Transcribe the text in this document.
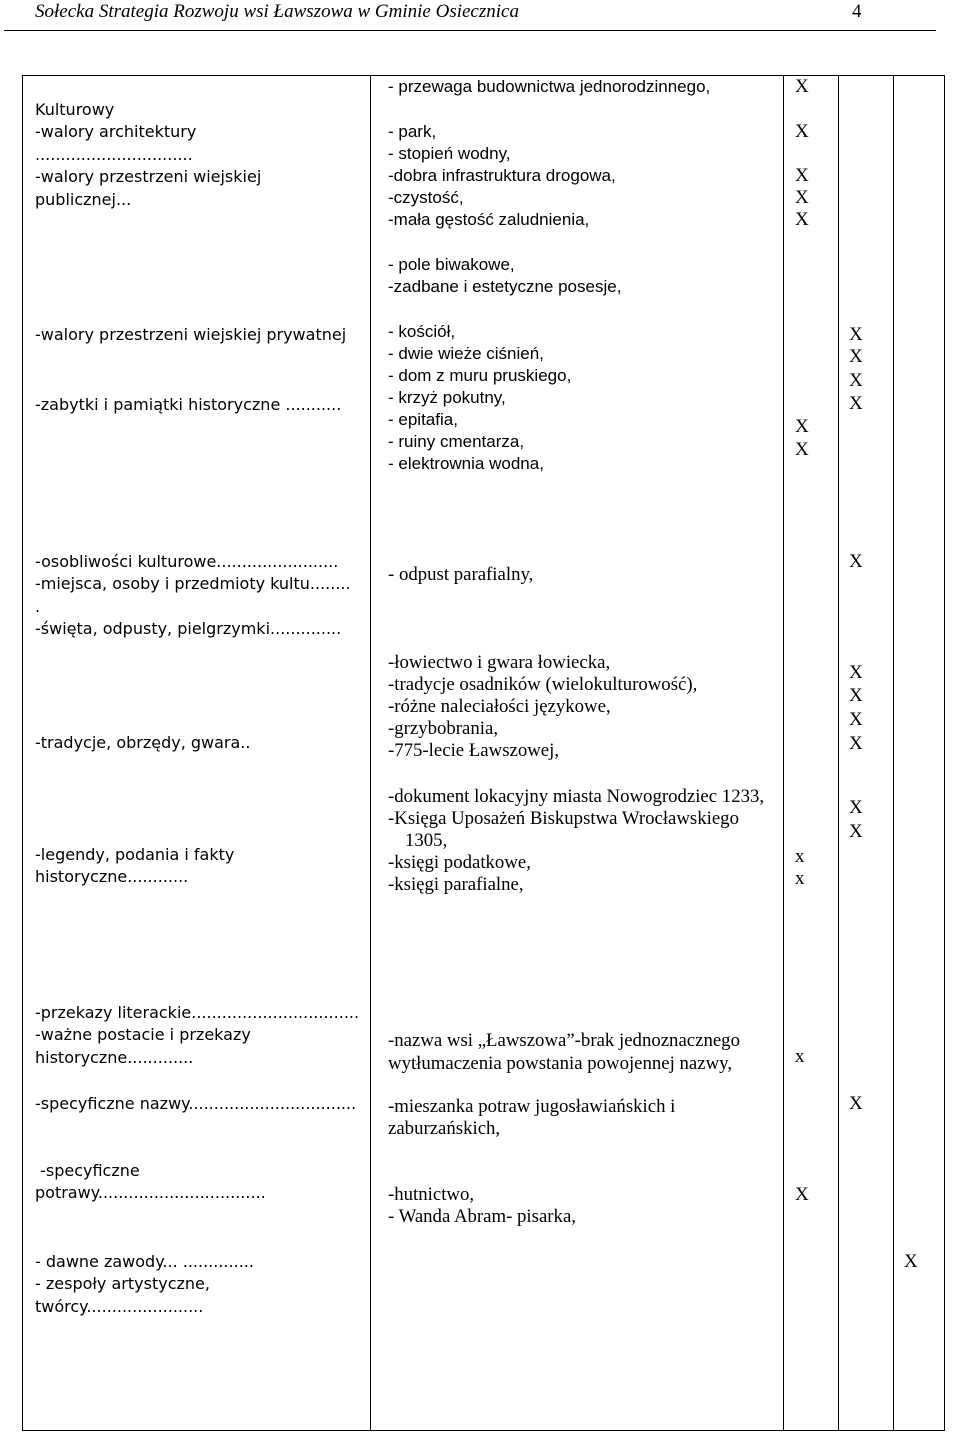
Sołecka Strategia Rozwoju wsi Ławszowa w Gminie Osiecznica	4
Kulturowy
-walory architektury
...............................
-walory przestrzeni wiejskiej
publicznej...
-walory przestrzeni wiejskiej prywatnej
-zabytki i pamiątki historyczne ...........
-osobliwości kulturowe........................
-miejsca, osoby i przedmioty kultu........
.
-święta, odpusty, pielgrzymki..............
-tradycje, obrzędy, gwara..
-legendy, podania i fakty
historyczne............
-przekazy literackie.................................
-ważne postacie i przekazy
historyczne.............
-specyficzne nazwy.................................
-specyficzne
potrawy.................................
- dawne zawody... ..............
- zespoły artystyczne,
twórcy.......................
- przewaga budownictwa jednorodzinnego,
- park,
- stopień wodny,
-dobra infrastruktura drogowa,
-czystość,
-mała gęstość zaludnienia,
- pole biwakowe,
-zadbane i estetyczne posesje,
- kościół,
- dwie wieże ciśnień,
- dom z muru pruskiego,
- krzyż pokutny,
- epitafia,
- ruiny cmentarza,
- elektrownia wodna,
- odpust parafialny,
-łowiectwo i gwara łowiecka,
-tradycje osadników (wielokulturowość),
-różne naleciałości językowe,
-grzybobrania,
-775-lecie Ławszowej,
-dokument lokacyjny miasta Nowogrodziec 1233,
-Księga Uposażeń Biskupstwa Wrocławskiego
1305,
-księgi podatkowe,
-księgi parafialne,
-nazwa wsi „Ławszowa”-brak jednoznacznego
wytłumaczenia powstania powojennej nazwy,
-mieszanka potraw jugosławiańskich i
zaburzańskich,
-hutnictwo,
- Wanda Abram- pisarka,
X
X
X
X
X
X
X
x
x
x
X
X
X
X
X
X
X
X
X
X
X
X
X
X
